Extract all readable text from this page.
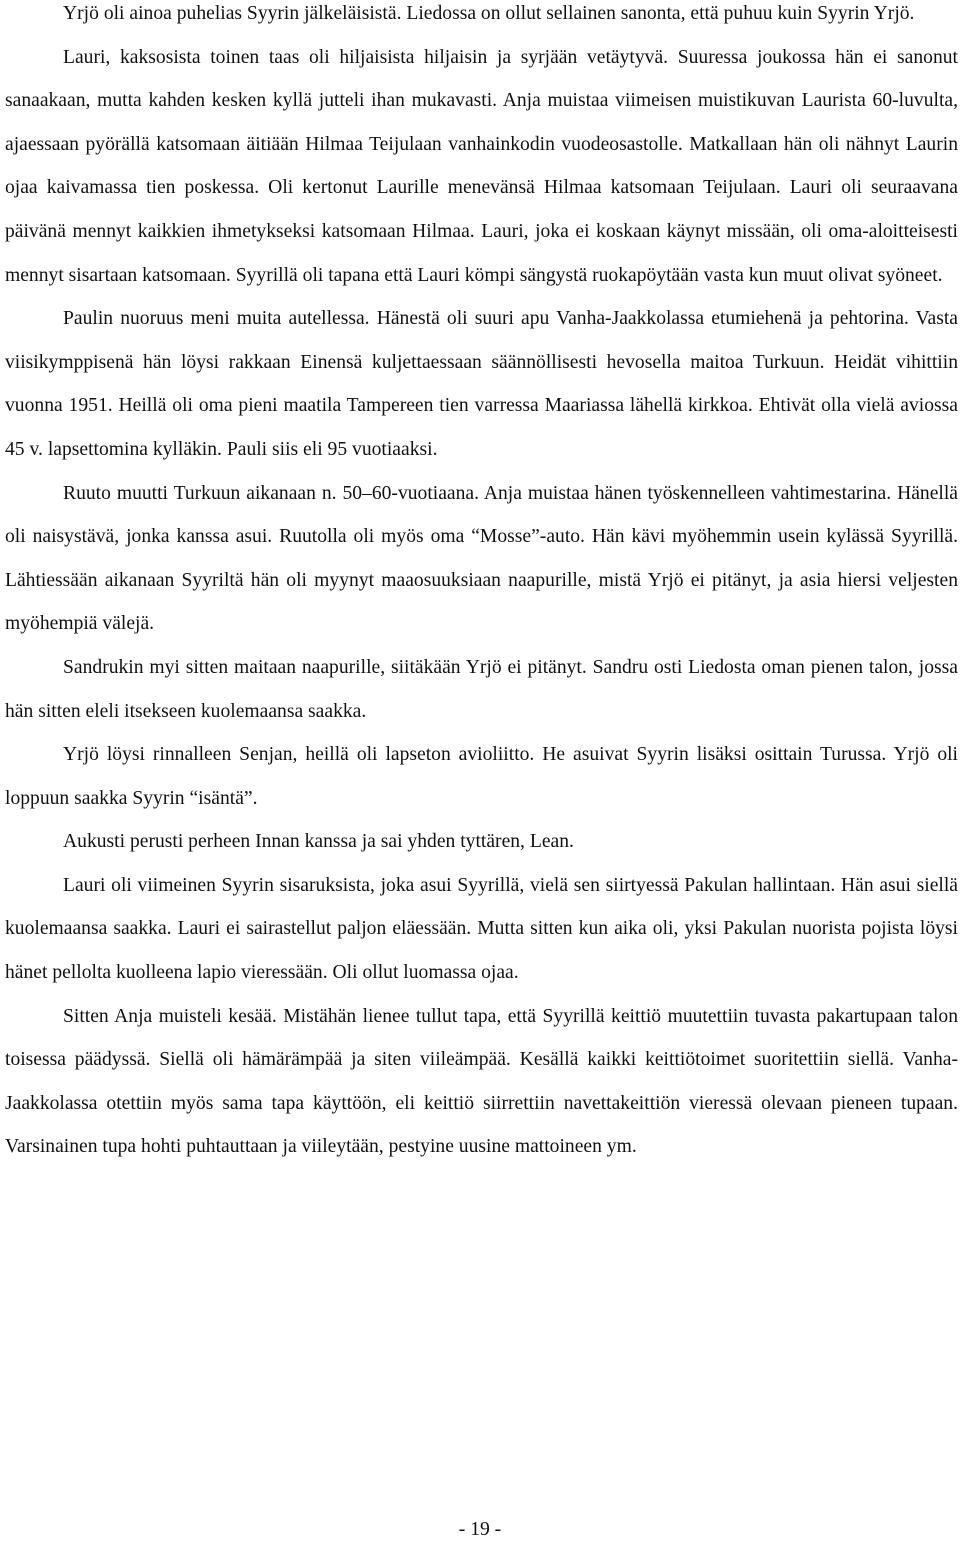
Yrjö oli ainoa puhelias Syyrin jälkeläisistä. Liedossa on ollut sellainen sanonta, että puhuu kuin Syyrin Yrjö.

Lauri, kaksosista toinen taas oli hiljaisista hiljaisin ja syrjään vetäytyvä. Suuressa joukossa hän ei sanonut sanaakaan, mutta kahden kesken kyllä jutteli ihan mukavasti. Anja muistaa viimeisen muistikuvan Laurista 60-luvulta, ajaessaan pyörällä katsomaan äitiään Hilmaa Teijulaan vanhainkodin vuodeosastolle. Matkallaan hän oli nähnyt Laurin ojaa kaivamassa tien poskessa. Oli kertonut Laurille menevänsä Hilmaa katsomaan Teijulaan. Lauri oli seuraavana päivänä mennyt kaikkien ihmetykseksi katsomaan Hilmaa. Lauri, joka ei koskaan käynyt missään, oli oma-aloitteisesti mennyt sisartaan katsomaan. Syyrillä oli tapana että Lauri kömpi sängystä ruokapöytään vasta kun muut olivat syöneet.

Paulin nuoruus meni muita autellessa. Hänestä oli suuri apu Vanha-Jaakkolassa etumiehenä ja pehtorina. Vasta viisikymppisenä hän löysi rakkaan Einensä kuljettaessaan säännöllisesti hevosella maitoa Turkuun. Heidät vihittiin vuonna 1951. Heillä oli oma pieni maatila Tampereen tien varressa Maariassa lähellä kirkkoa. Ehtivät olla vielä aviossa 45 v. lapsettomina kylläkin. Pauli siis eli 95 vuotiaaksi.

Ruuto muutti Turkuun aikanaan n. 50–60-vuotiaana. Anja muistaa hänen työskennelleen vahtimestarina. Hänellä oli naisystävä, jonka kanssa asui. Ruutolla oli myös oma “Mosse”-auto. Hän kävi myöhemmin usein kylässä Syyrillä. Lähtiessään aikanaan Syyriltä hän oli myynyt maaosuuksiaan naapurille, mistä Yrjö ei pitänyt, ja asia hiersi veljesten myöhempiä välejä.

Sandrukin myi sitten maitaan naapurille, siitäkään Yrjö ei pitänyt. Sandru osti Liedosta oman pienen talon, jossa hän sitten eleli itsekseen kuolemaansa saakka.

Yrjö löysi rinnalleen Senjan, heillä oli lapseton avioliitto. He asuivat Syyrin lisäksi osittain Turussa. Yrjö oli loppuun saakka Syyrin “isäntä”.

Aukusti perusti perheen Innan kanssa ja sai yhden tyttären, Lean.

Lauri oli viimeinen Syyrin sisaruksista, joka asui Syyrillä, vielä sen siirtyessä Pakulan hallintaan. Hän asui siellä kuolemaansa saakka. Lauri ei sairastellut paljon eläessään. Mutta sitten kun aika oli, yksi Pakulan nuorista pojista löysi hänet pellolta kuolleena lapio vieressään. Oli ollut luomassa ojaa.

Sitten Anja muisteli kesää. Mistähän lienee tullut tapa, että Syyrillä keittiö muutettiin tuvasta pakartupaan talon toisessa päädyssä. Siellä oli hämärämpää ja siten viileämpää. Kesällä kaikki keittiötoimet suoritettiin siellä. Vanha-Jaakkolassa otettiin myös sama tapa käyttöön, eli keittiö siirrettiin navettakeittiön vieressä olevaan pieneen tupaan. Varsinainen tupa hohti puhtauttaan ja viileytään, pestyine uusine mattoineen ym.

- 19 -
